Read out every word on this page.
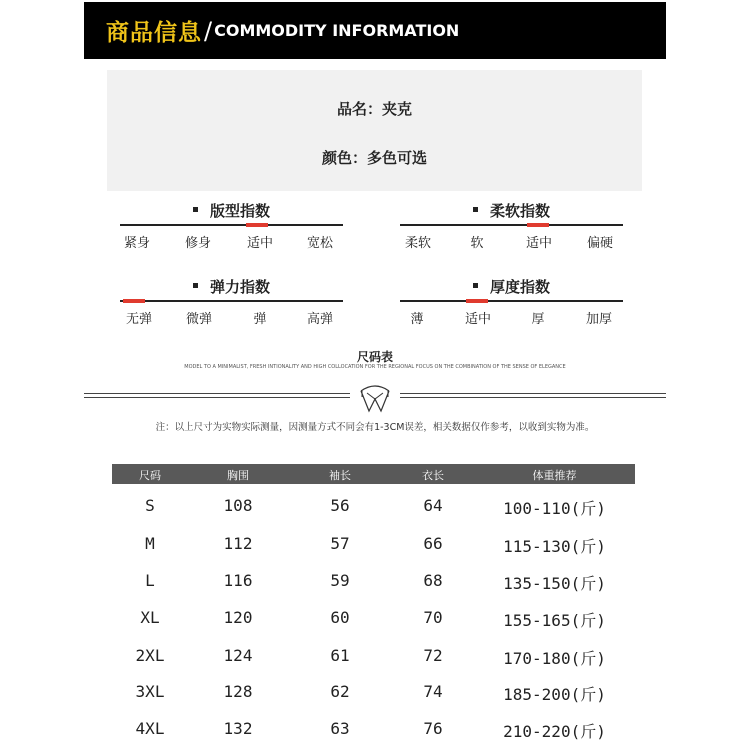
商品信息 / COMMODITY INFORMATION
品名：夹克
颜色：多色可选
版型指数
紧身	修身	适中	宽松
柔软指数
柔软	软	适中	偏硬
弹力指数
无弹	微弹	弹	高弹
厚度指数
薄	适中	厚	加厚
尺码表
MODEL TO A MINIMALIST, FRESH INTIONALITY AND HIGH COLLOCATION FOR THE REGIONAL FOCUS ON THE COMBINATION OF THE SENSE OF ELEGANCE
注：以上尺寸为实物实际测量，因测量方式不同会有1-3CM误差，相关数据仅作参考，以收到实物为准。
尺码	胸围	袖长	衣长	体重推荐
S	108	56	64	100-110(斤)
M	112	57	66	115-130(斤)
L	116	59	68	135-150(斤)
XL	120	60	70	155-165(斤)
2XL	124	61	72	170-180(斤)
3XL	128	62	74	185-200(斤)
4XL	132	63	76	210-220(斤)
